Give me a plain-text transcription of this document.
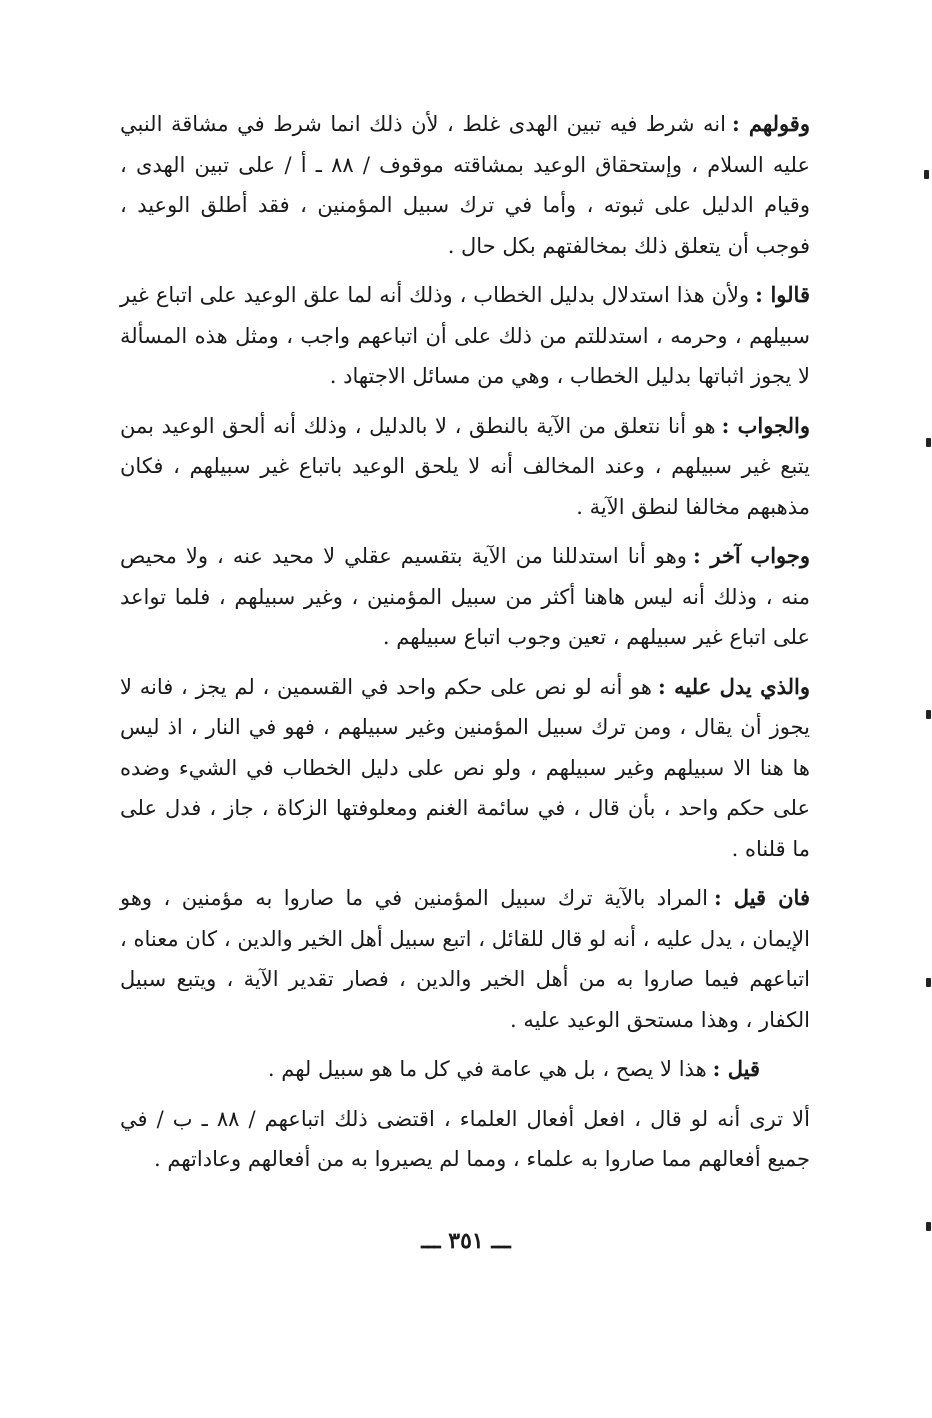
وقولهم :انه شرط فيه تبين الهدى غلط ، لأن ذلك انما شرط في مشاقة النبي عليه السلام ، وإستحقاق الوعيد بمشاقته موقوف / ٨٨ ـ أ / على تبين الهدى ، وقيام الدليل على ثبوته ، وأما في ترك سبيل المؤمنين ، فقد أطلق الوعيد ، فوجب أن يتعلق ذلك بمخالفتهم بكل حال .

قالوا :ولأن هذا استدلال بدليل الخطاب ، وذلك أنه لما علق الوعيد على اتباع غير سبيلهم ، وحرمه ، استدللتم من ذلك على أن اتباعهم واجب ، ومثل هذه المسألة لا يجوز اثباتها بدليل الخطاب ، وهي من مسائل الاجتهاد .

والجواب :هو أنا نتعلق من الآية بالنطق ، لا بالدليل ، وذلك أنه ألحق الوعيد بمن يتبع غير سبيلهم ، وعند المخالف أنه لا يلحق الوعيد باتباع غير سبيلهم ، فكان مذهبهم مخالفا لنطق الآية .

وجواب آخر :وهو أنا استدللنا من الآية بتقسيم عقلي لا محيد عنه ، ولا محيص منه ، وذلك أنه ليس هاهنا أكثر من سبيل المؤمنين ، وغير سبيلهم ، فلما تواعد على اتباع غير سبيلهم ، تعين وجوب اتباع سبيلهم .

والذي يدل عليه :هو أنه لو نص على حكم واحد في القسمين ، لم يجز ، فانه لا يجوز أن يقال ، ومن ترك سبيل المؤمنين وغير سبيلهم ، فهو في النار ، اذ ليس ها هنا الا سبيلهم وغير سبيلهم ، ولو نص على دليل الخطاب في الشيء وضده على حكم واحد ، بأن قال ، في سائمة الغنم ومعلوفتها الزكاة ، جاز ، فدل على ما قلناه .

فان قيل :المراد بالآية ترك سبيل المؤمنين في ما صاروا به مؤمنين ، وهو الإيمان ، يدل عليه ، أنه لو قال للقائل ، اتبع سبيل أهل الخير والدين ، كان معناه ، اتباعهم فيما صاروا به من أهل الخير والدين ، فصار تقدير الآية ، ويتبع سبيل الكفار ، وهذا مستحق الوعيد عليه .

قيل :هذا لا يصح ، بل هي عامة في كل ما هو سبيل لهم .

ألا ترى أنه لو قال ، افعل أفعال العلماء ، اقتضى ذلك اتباعهم / ٨٨ ـ ب / في جميع أفعالهم مما صاروا به علماء ، ومما لم يصيروا به من أفعالهم وعاداتهم .

ـــ ٣٥١ ـــ
